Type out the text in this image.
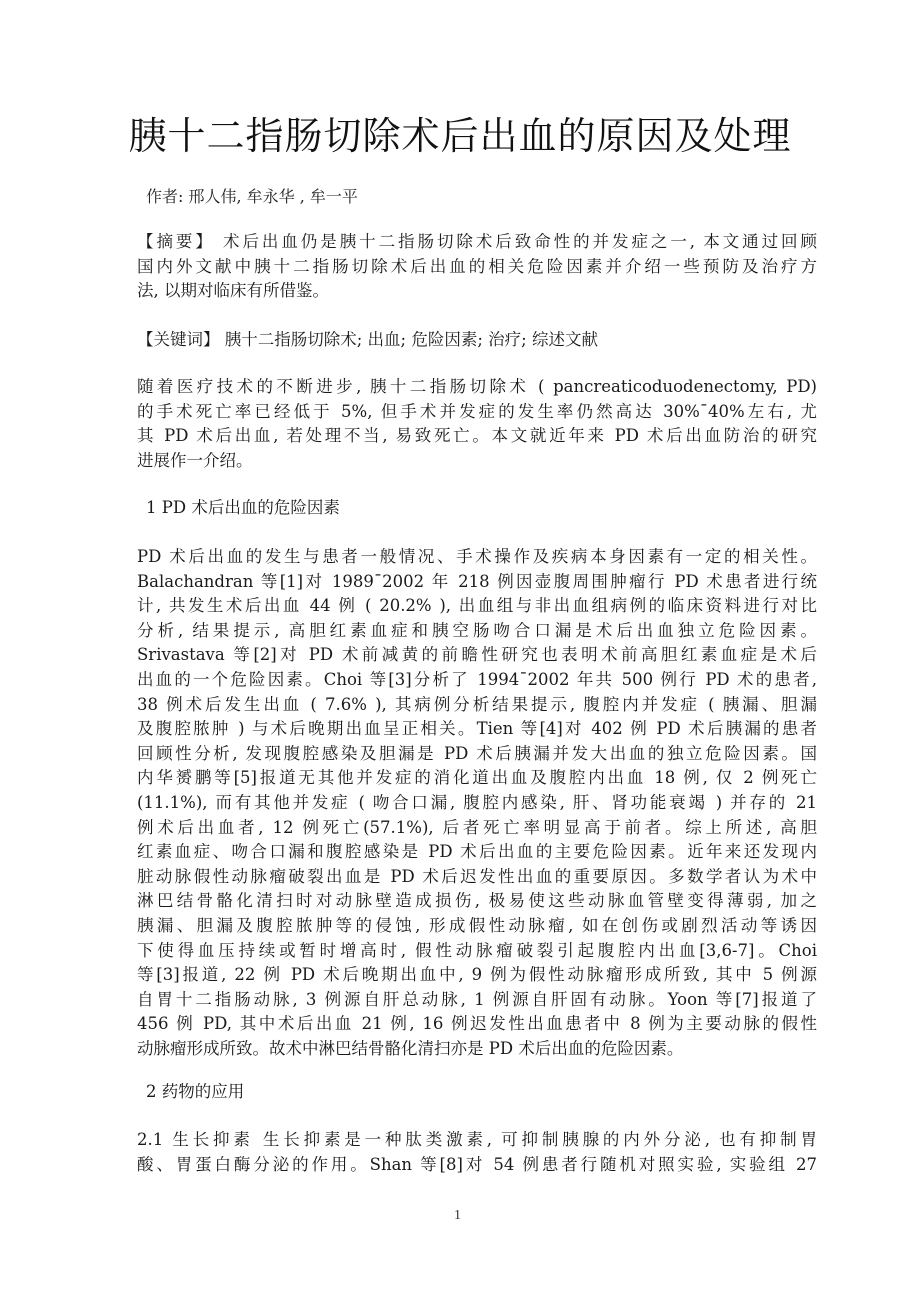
胰十二指肠切除术后出血的原因及处理
作者: 邢人伟, 牟永华 , 牟一平
【摘要】 术后出血仍是胰十二指肠切除术后致命性的并发症之一, 本文通过回顾
国内外文献中胰十二指肠切除术后出血的相关危险因素并介绍一些预防及治疗方
法, 以期对临床有所借鉴。
【关键词】 胰十二指肠切除术; 出血; 危险因素; 治疗; 综述文献
随着医疗技术的不断进步, 胰十二指肠切除术 ( pancreaticoduodenectomy, PD)
的手术死亡率已经低于 5%, 但手术并发症的发生率仍然高达 30%¯40%左右, 尤
其 PD 术后出血, 若处理不当, 易致死亡。本文就近年来 PD 术后出血防治的研究
进展作一介绍。
1 PD 术后出血的危险因素
PD 术后出血的发生与患者一般情况、手术操作及疾病本身因素有一定的相关性。
Balachandran 等[1]对 1989¯2002 年 218 例因壶腹周围肿瘤行 PD 术患者进行统
计, 共发生术后出血 44 例 ( 20.2% ), 出血组与非出血组病例的临床资料进行对比
分析, 结果提示, 高胆红素血症和胰空肠吻合口漏是术后出血独立危险因素。
Srivastava 等[2]对 PD 术前减黄的前瞻性研究也表明术前高胆红素血症是术后
出血的一个危险因素。Choi 等[3]分析了 1994¯2002 年共 500 例行 PD 术的患者,
38 例术后发生出血 ( 7.6% ), 其病例分析结果提示, 腹腔内并发症 ( 胰漏、胆漏
及腹腔脓肿 ) 与术后晚期出血呈正相关。Tien 等[4]对 402 例 PD 术后胰漏的患者
回顾性分析, 发现腹腔感染及胆漏是 PD 术后胰漏并发大出血的独立危险因素。国
内华赟鹏等[5]报道无其他并发症的消化道出血及腹腔内出血 18 例, 仅 2 例死亡
(11.1%), 而有其他并发症 ( 吻合口漏, 腹腔内感染, 肝、肾功能衰竭 ) 并存的 21
例术后出血者, 12 例死亡(57.1%), 后者死亡率明显高于前者。综上所述, 高胆
红素血症、吻合口漏和腹腔感染是 PD 术后出血的主要危险因素。近年来还发现内
脏动脉假性动脉瘤破裂出血是 PD 术后迟发性出血的重要原因。多数学者认为术中
淋巴结骨骼化清扫时对动脉壁造成损伤, 极易使这些动脉血管壁变得薄弱, 加之
胰漏、胆漏及腹腔脓肿等的侵蚀, 形成假性动脉瘤, 如在创伤或剧烈活动等诱因
下使得血压持续或暂时增高时, 假性动脉瘤破裂引起腹腔内出血[3,6-7]。Choi
等[3]报道, 22 例 PD 术后晚期出血中, 9 例为假性动脉瘤形成所致, 其中 5 例源
自胃十二指肠动脉, 3 例源自肝总动脉, 1 例源自肝固有动脉。Yoon 等[7]报道了
456 例 PD, 其中术后出血 21 例, 16 例迟发性出血患者中 8 例为主要动脉的假性
动脉瘤形成所致。故术中淋巴结骨骼化清扫亦是 PD 术后出血的危险因素。
2 药物的应用
2.1 生长抑素 生长抑素是一种肽类激素, 可抑制胰腺的内外分泌, 也有抑制胃
酸、胃蛋白酶分泌的作用。Shan 等[8]对 54 例患者行随机对照实验, 实验组 27
1
